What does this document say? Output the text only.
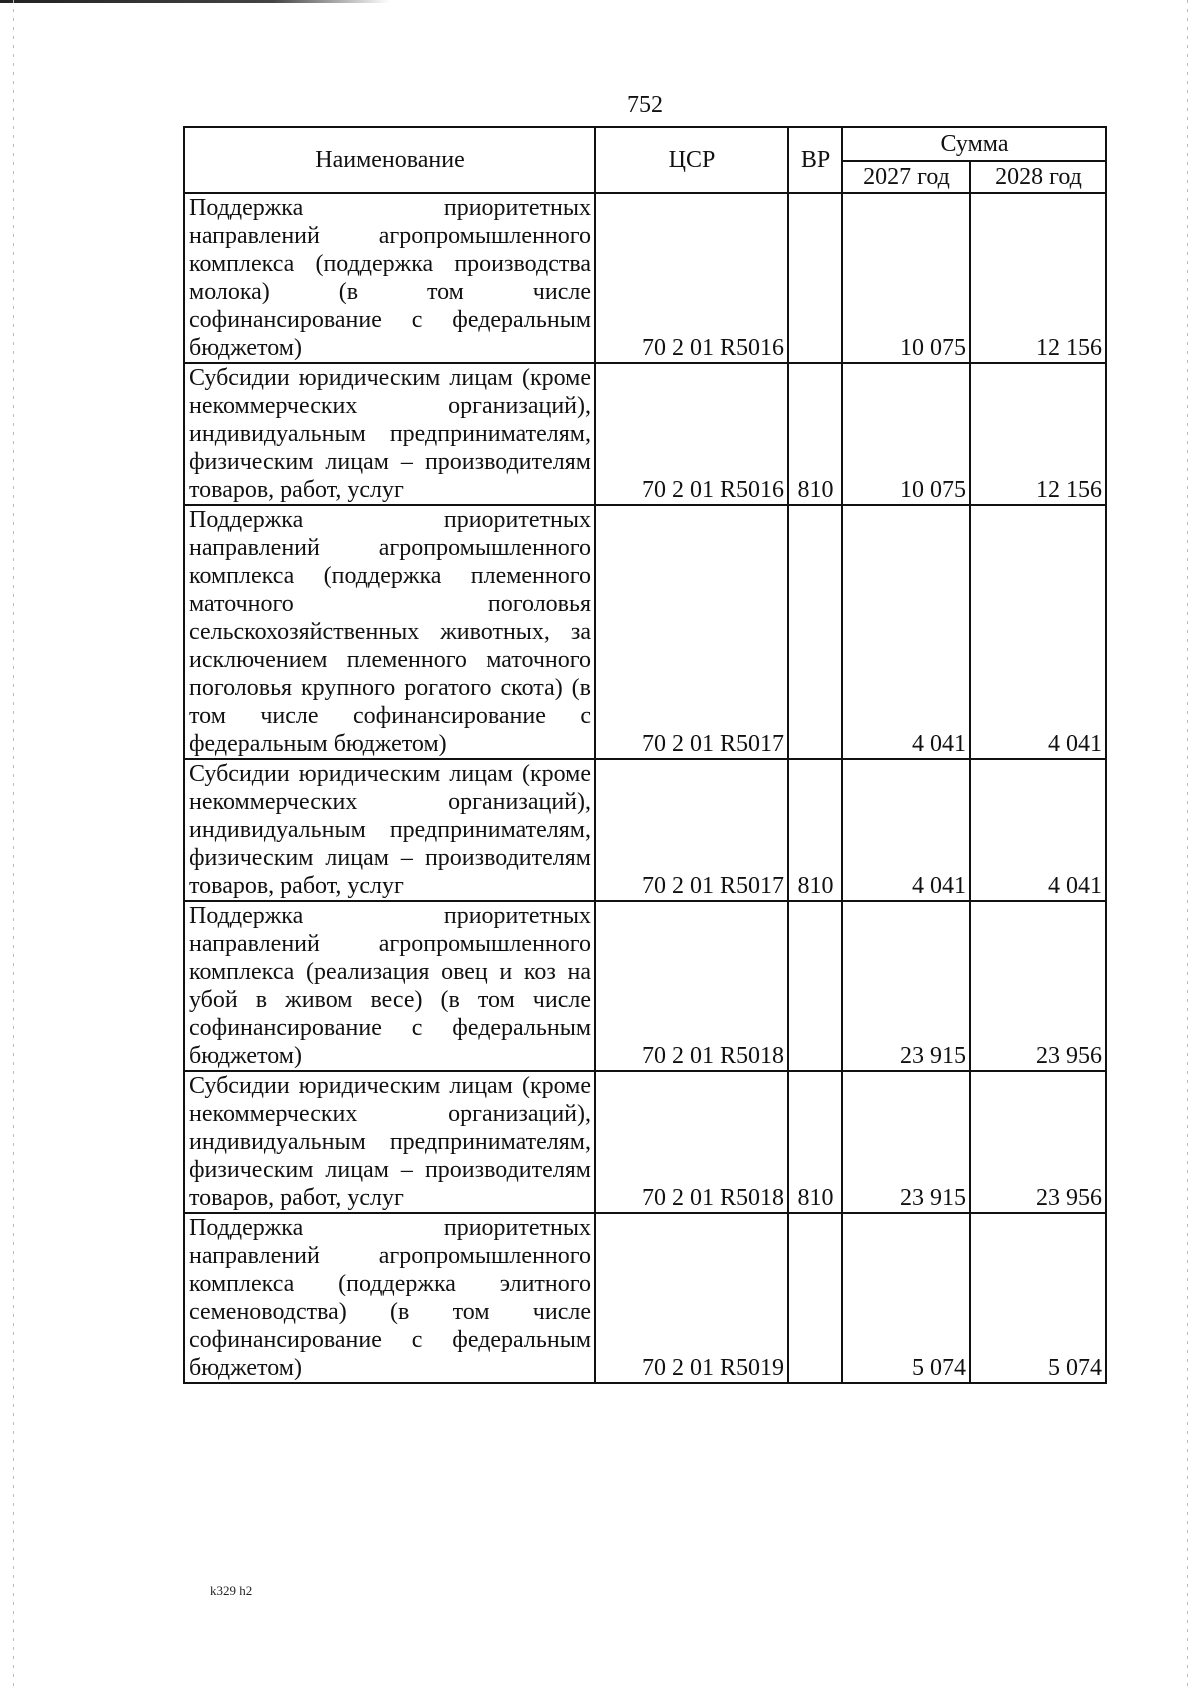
752
Наименование	ЦСР	ВР	Сумма	
			2027 год	2028 год
Поддержка приоритетных направлений агропромышленного комплекса (поддержка производства молока) (в том числе софинансирование с федеральным бюджетом)	70 2 01 R5016		10 075	12 156
Субсидии юридическим лицам (кроме некоммерческих организаций), индивидуальным предпринимателям, физическим лицам – производителям товаров, работ, услуг	70 2 01 R5016	810	10 075	12 156
Поддержка приоритетных направлений агропромышленного комплекса (поддержка племенного маточного поголовья сельскохозяйственных животных, за исключением племенного маточного поголовья крупного рогатого скота) (в том числе софинансирование с федеральным бюджетом)	70 2 01 R5017		4 041	4 041
Субсидии юридическим лицам (кроме некоммерческих организаций), индивидуальным предпринимателям, физическим лицам – производителям товаров, работ, услуг	70 2 01 R5017	810	4 041	4 041
Поддержка приоритетных направлений агропромышленного комплекса (реализация овец и коз на убой в живом весе) (в том числе софинансирование с федеральным бюджетом)	70 2 01 R5018		23 915	23 956
Субсидии юридическим лицам (кроме некоммерческих организаций), индивидуальным предпринимателям, физическим лицам – производителям товаров, работ, услуг	70 2 01 R5018	810	23 915	23 956
Поддержка приоритетных направлений агропромышленного комплекса (поддержка элитного семеноводства) (в том числе софинансирование с федеральным бюджетом)	70 2 01 R5019		5 074	5 074
k329 h2
